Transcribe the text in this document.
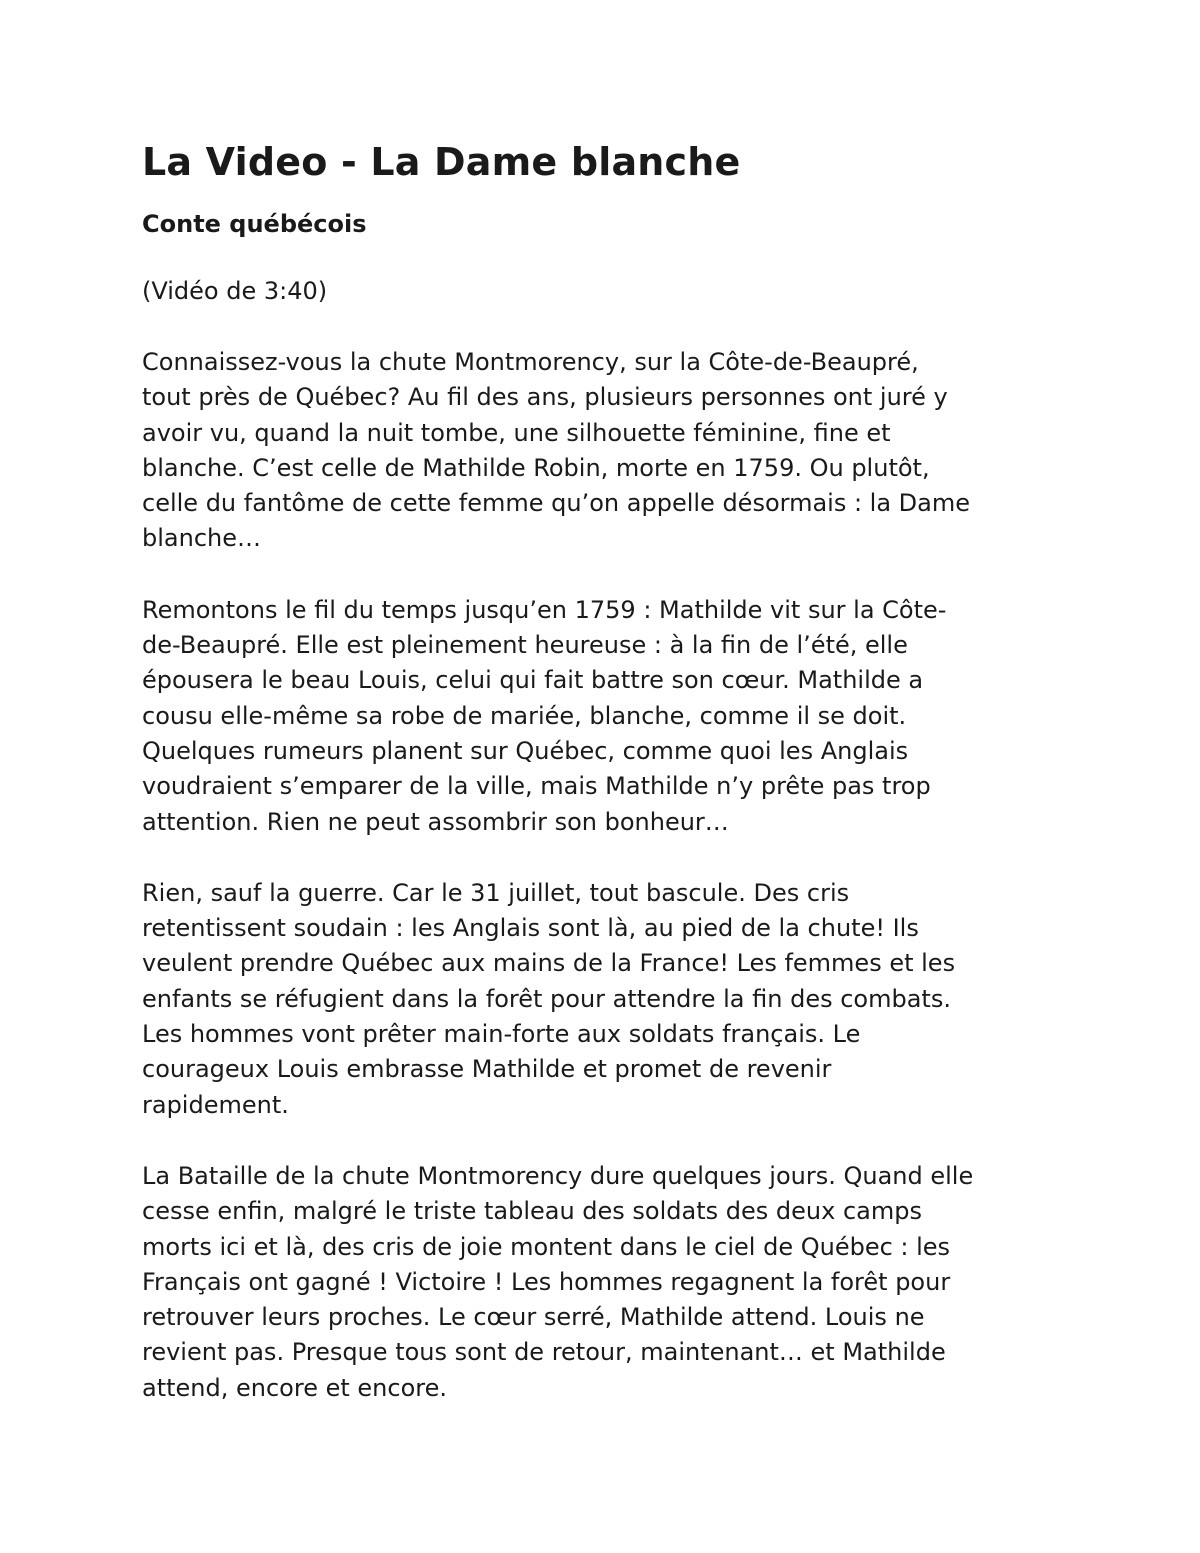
La Video - La Dame blanche
Conte québécois
(Vidéo de 3:40)
Connaissez-vous la chute Montmorency, sur la Côte-de-Beaupré,
tout près de Québec? Au fil des ans, plusieurs personnes ont juré y
avoir vu, quand la nuit tombe, une silhouette féminine, fine et
blanche. C’est celle de Mathilde Robin, morte en 1759. Ou plutôt,
celle du fantôme de cette femme qu’on appelle désormais : la Dame
blanche…
Remontons le fil du temps jusqu’en 1759 : Mathilde vit sur la Côte-
de-Beaupré. Elle est pleinement heureuse : à la fin de l’été, elle
épousera le beau Louis, celui qui fait battre son cœur. Mathilde a
cousu elle-même sa robe de mariée, blanche, comme il se doit.
Quelques rumeurs planent sur Québec, comme quoi les Anglais
voudraient s’emparer de la ville, mais Mathilde n’y prête pas trop
attention. Rien ne peut assombrir son bonheur…
Rien, sauf la guerre. Car le 31 juillet, tout bascule. Des cris
retentissent soudain : les Anglais sont là, au pied de la chute! Ils
veulent prendre Québec aux mains de la France! Les femmes et les
enfants se réfugient dans la forêt pour attendre la fin des combats.
Les hommes vont prêter main-forte aux soldats français. Le
courageux Louis embrasse Mathilde et promet de revenir
rapidement.
La Bataille de la chute Montmorency dure quelques jours. Quand elle
cesse enfin, malgré le triste tableau des soldats des deux camps
morts ici et là, des cris de joie montent dans le ciel de Québec : les
Français ont gagné ! Victoire ! Les hommes regagnent la forêt pour
retrouver leurs proches. Le cœur serré, Mathilde attend. Louis ne
revient pas. Presque tous sont de retour, maintenant… et Mathilde
attend, encore et encore.
